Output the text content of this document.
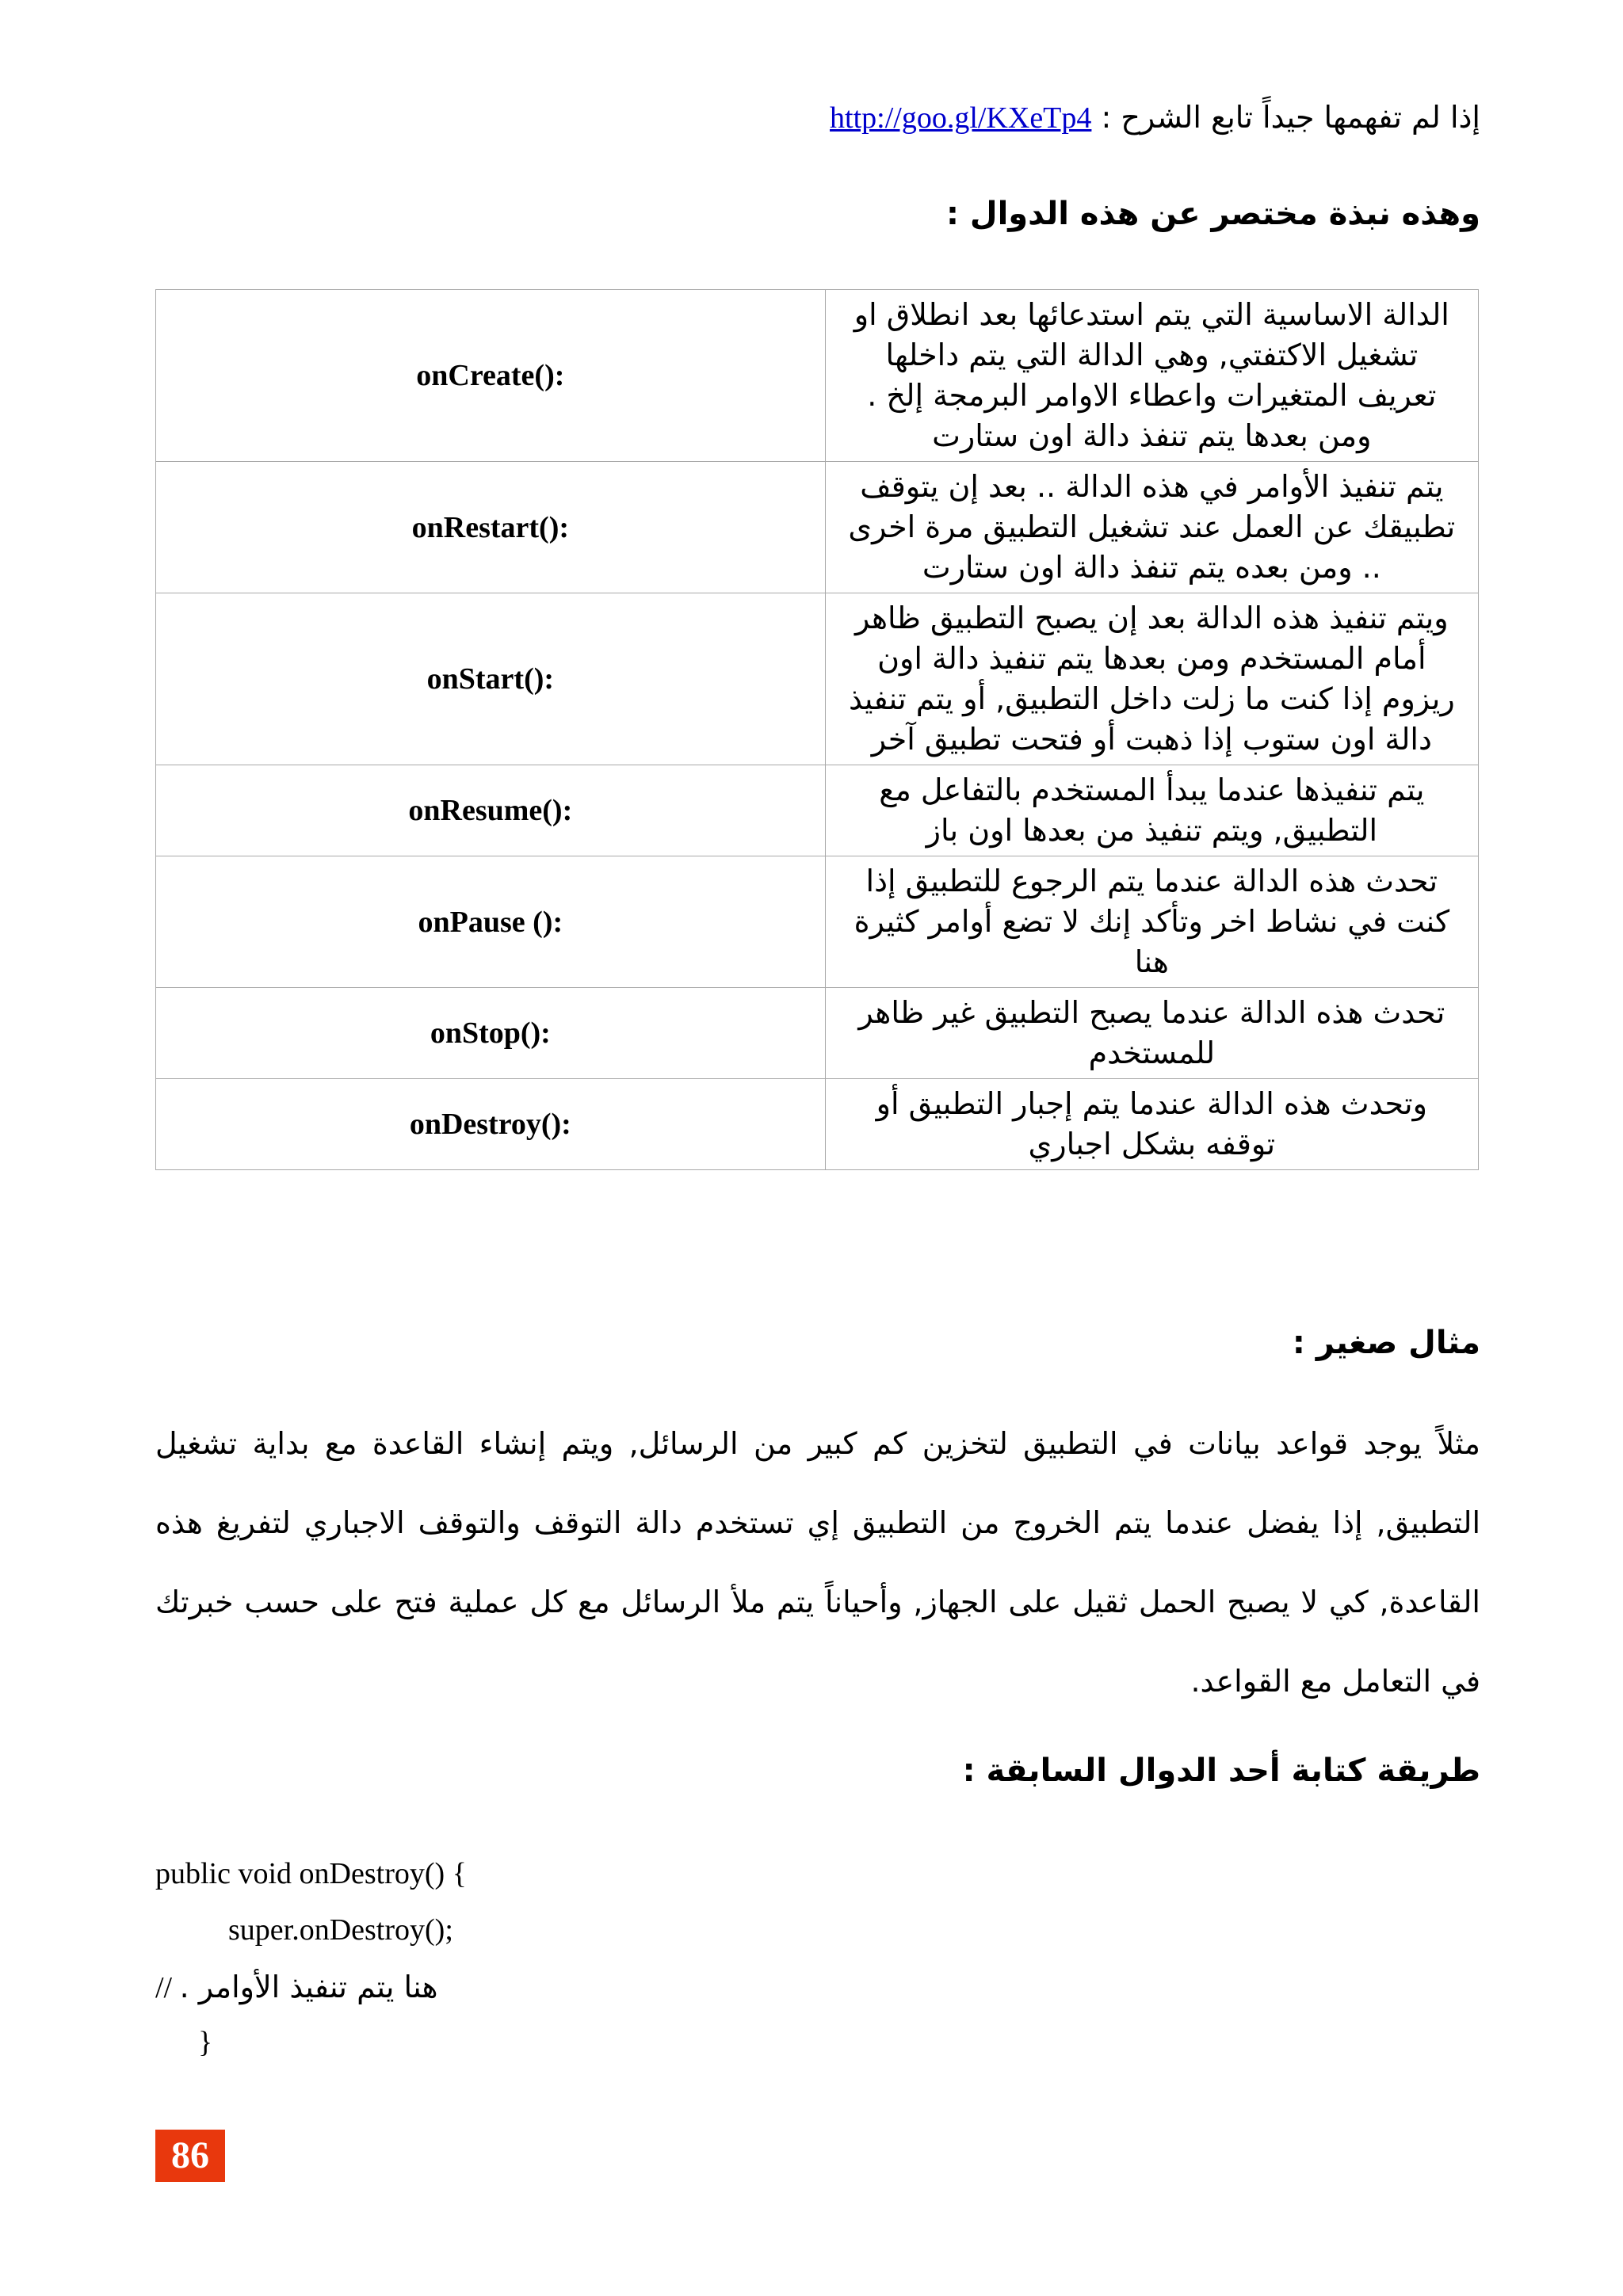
إذا لم تفهمها جيداً تابع الشرح : http://goo.gl/KXeTp4
وهذه نبذة مختصر عن هذه الدوال :
onCreate():	الدالة الاساسية التي يتم استدعائها بعد انطلاق او تشغيل الاكتفتي, وهي الدالة التي يتم داخلها تعريف المتغيرات واعطاء الاوامر البرمجة إلخ . ومن بعدها يتم تنفذ دالة اون ستارت
onRestart():	يتم تنفيذ الأوامر في هذه الدالة .. بعد إن يتوقف تطبيقك عن العمل عند تشغيل التطبيق مرة اخرى .. ومن بعده يتم تنفذ دالة اون ستارت
onStart():	ويتم تنفيذ هذه الدالة بعد إن يصبح التطبيق ظاهر أمام المستخدم ومن بعدها يتم تنفيذ دالة اون ريزوم إذا كنت ما زلت داخل التطبيق, أو يتم تنفيذ دالة اون ستوب إذا ذهبت أو فتحت تطبيق آخر
onResume():	يتم تنفيذها عندما يبدأ المستخدم بالتفاعل مع التطبيق, ويتم تنفيذ من بعدها اون باز
onPause ():	تحدث هذه الدالة عندما يتم الرجوع للتطبيق إذا كنت في نشاط اخر وتأكد إنك لا تضع أوامر كثيرة هنا
onStop():	تحدث هذه الدالة عندما يصبح التطبيق غير ظاهر للمستخدم
onDestroy():	وتحدث هذه الدالة عندما يتم إجبار التطبيق أو توقفه بشكل اجباري
مثال صغير :
مثلاً يوجد قواعد بيانات في التطبيق لتخزين كم كبير من الرسائل, ويتم إنشاء القاعدة مع بداية تشغيل التطبيق, إذا يفضل عندما يتم الخروج من التطبيق إي تستخدم دالة التوقف والتوقف الاجباري لتفريغ هذه القاعدة, كي لا يصبح الحمل ثقيل على الجهاز, وأحياناً يتم ملأ الرسائل مع كل عملية فتح على حسب خبرتك في التعامل مع القواعد.
طريقة كتابة أحد الدوال السابقة :
public void onDestroy() {
super.onDestroy();
// هنا يتم تنفيذ الأوامر .
}
86
